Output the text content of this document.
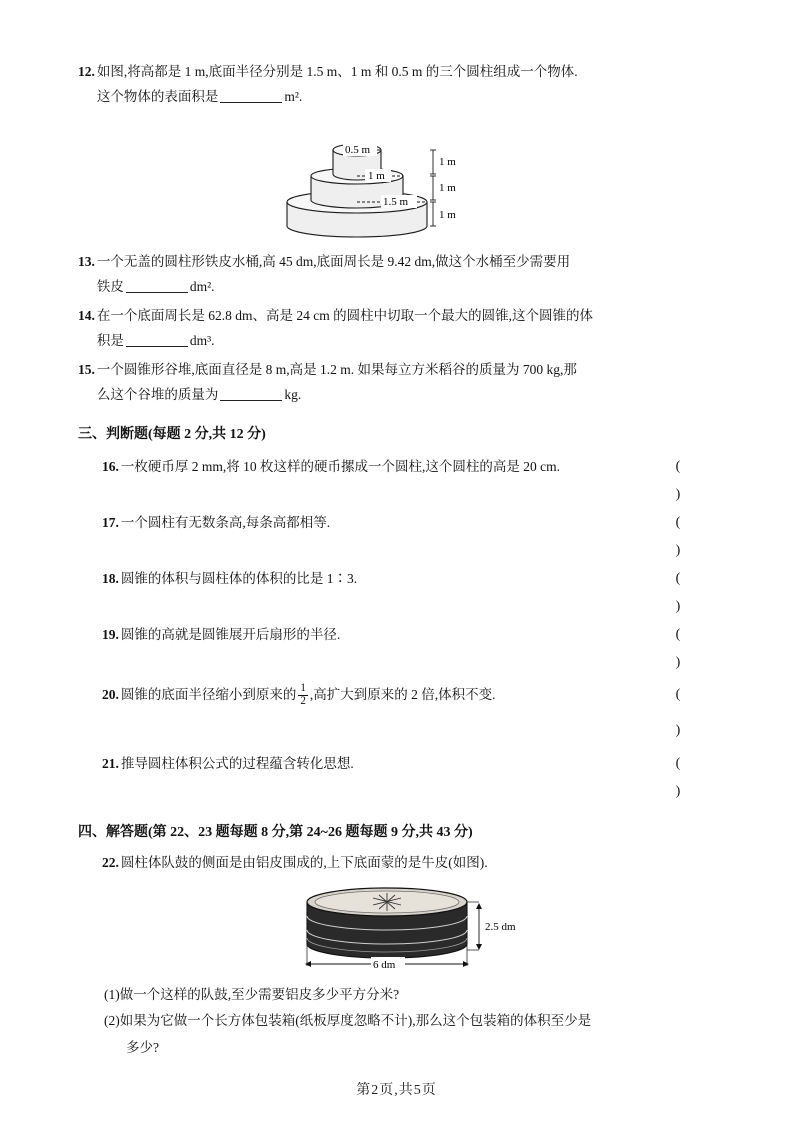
12. 如图,将高都是 1 m,底面半径分别是 1.5 m、1 m 和 0.5 m 的三个圆柱组成一个物体.
这个物体的表面积是	m².
0.5 m
1 m
1.5 m
1 m
1 m
1 m
13. 一个无盖的圆柱形铁皮水桶,高 45 dm,底面周长是 9.42 dm,做这个水桶至少需要用
铁皮	dm².
14. 在一个底面周长是 62.8 dm、高是 24 cm 的圆柱中切取一个最大的圆锥,这个圆锥的体
积是	dm³.
15. 一个圆锥形谷堆,底面直径是 8 m,高是 1.2 m. 如果每立方米稻谷的质量为 700 kg,那
么这个谷堆的质量为	kg.
三、判断题(每题 2 分,共 12 分)
16. 一枚硬币厚 2 mm,将 10 枚这样的硬币摞成一个圆柱,这个圆柱的高是 20 cm.	( )
17. 一个圆柱有无数条高,每条高都相等.	( )
18. 圆锥的体积与圆柱体的体积的比是 1∶3.	( )
19. 圆锥的高就是圆锥展开后扇形的半径.	( )
20. 圆锥的底面半径缩小到原来的 $\frac{1}{2}$ ,高扩大到原来的 2 倍,体积不变.	( )
21. 推导圆柱体积公式的过程蕴含转化思想.	( )
四、解答题(第 22、23 题每题 8 分,第 24~26 题每题 9 分,共 43 分)
22. 圆柱体队鼓的侧面是由铝皮围成的,上下底面蒙的是牛皮(如图).
2.5 dm
6 dm
(1)做一个这样的队鼓,至少需要铝皮多少平方分米?
(2)如果为它做一个长方体包装箱(纸板厚度忽略不计),那么这个包装箱的体积至少是
多少?
第2页,共5页
